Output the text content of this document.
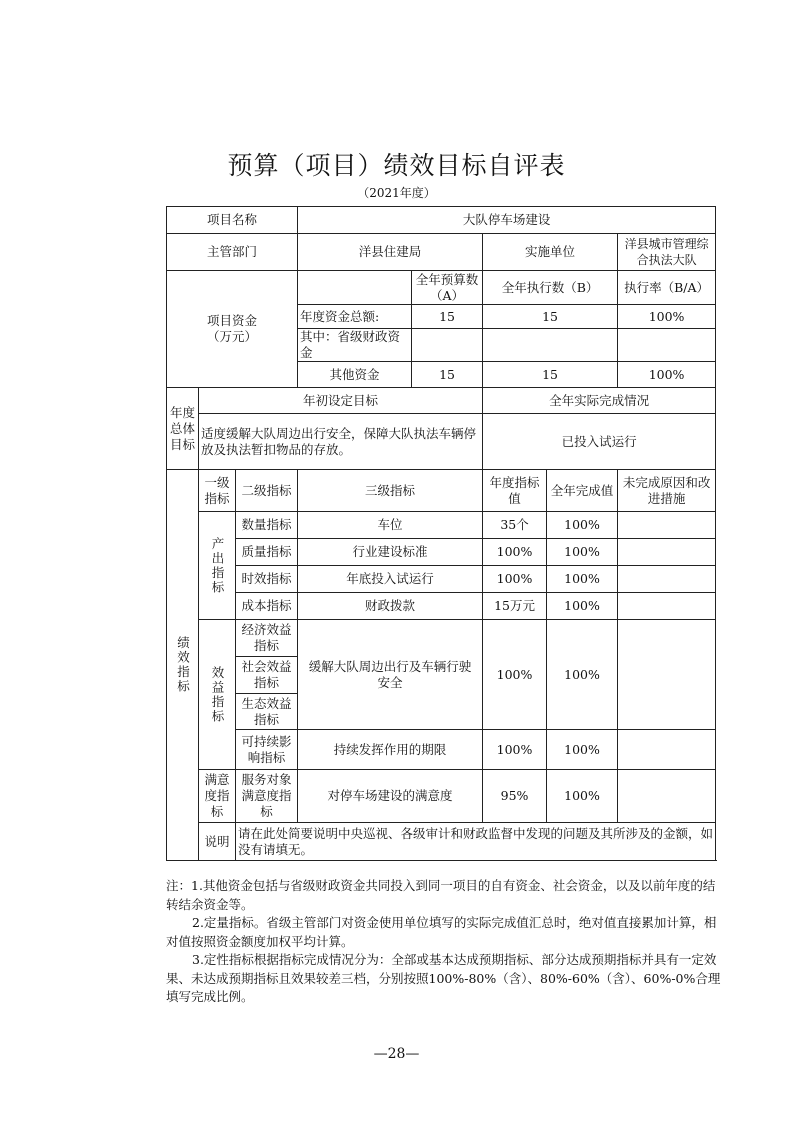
预算（项目）绩效目标自评表
（2021年度）
项目名称			大队停车场建设				
主管部门			洋县住建局		实施单位		洋县城市管理综合执法大队
项目资金（万元）				全年预算数（A）	全年执行数（B）		执行率（B/A）
			年度资金总额:	15	15		100%
			其中：省级财政资金				
			其他资金	15	15		100%
年度总体目标	年初设定目标				全年实际完成情况		
	适度缓解大队周边出行安全，保障大队执法车辆停放及执法暂扣物品的存放。				已投入试运行		

绩效指标	一级指标	二级指标	三级指标		年度指标值	全年完成值	未完成原因和改进措施

	产出指标	数量指标	车位		35个	100%	
		质量指标	行业建设标准		100%	100%	
		时效指标	年底投入试运行		100%	100%	
		成本指标	财政拨款		15万元	100%	

	效益指标	经济效益指标	缓解大队周边出行及车辆行驶安全		100%	100%	
		社会效益指标					
		生态效益指标					
		可持续影响指标	持续发挥作用的期限		100%	100%	
	满意度指标	服务对象满意度指标	对停车场建设的满意度		95%	100%	
	说明	请在此处简要说明中央巡视、各级审计和财政监督中发现的问题及其所涉及的金额，如没有请填无。					

注：1.其他资金包括与省级财政资金共同投入到同一项目的自有资金、社会资金，以及以前年度的结转结余资金等。

2.定量指标。省级主管部门对资金使用单位填写的实际完成值汇总时，绝对值直接累加计算，相对值按照资金额度加权平均计算。

3.定性指标根据指标完成情况分为：全部或基本达成预期指标、部分达成预期指标并具有一定效果、未达成预期指标且效果较差三档，分别按照100%-80%（含）、80%-60%（含）、60%-0%合理填写完成比例。

—28—
